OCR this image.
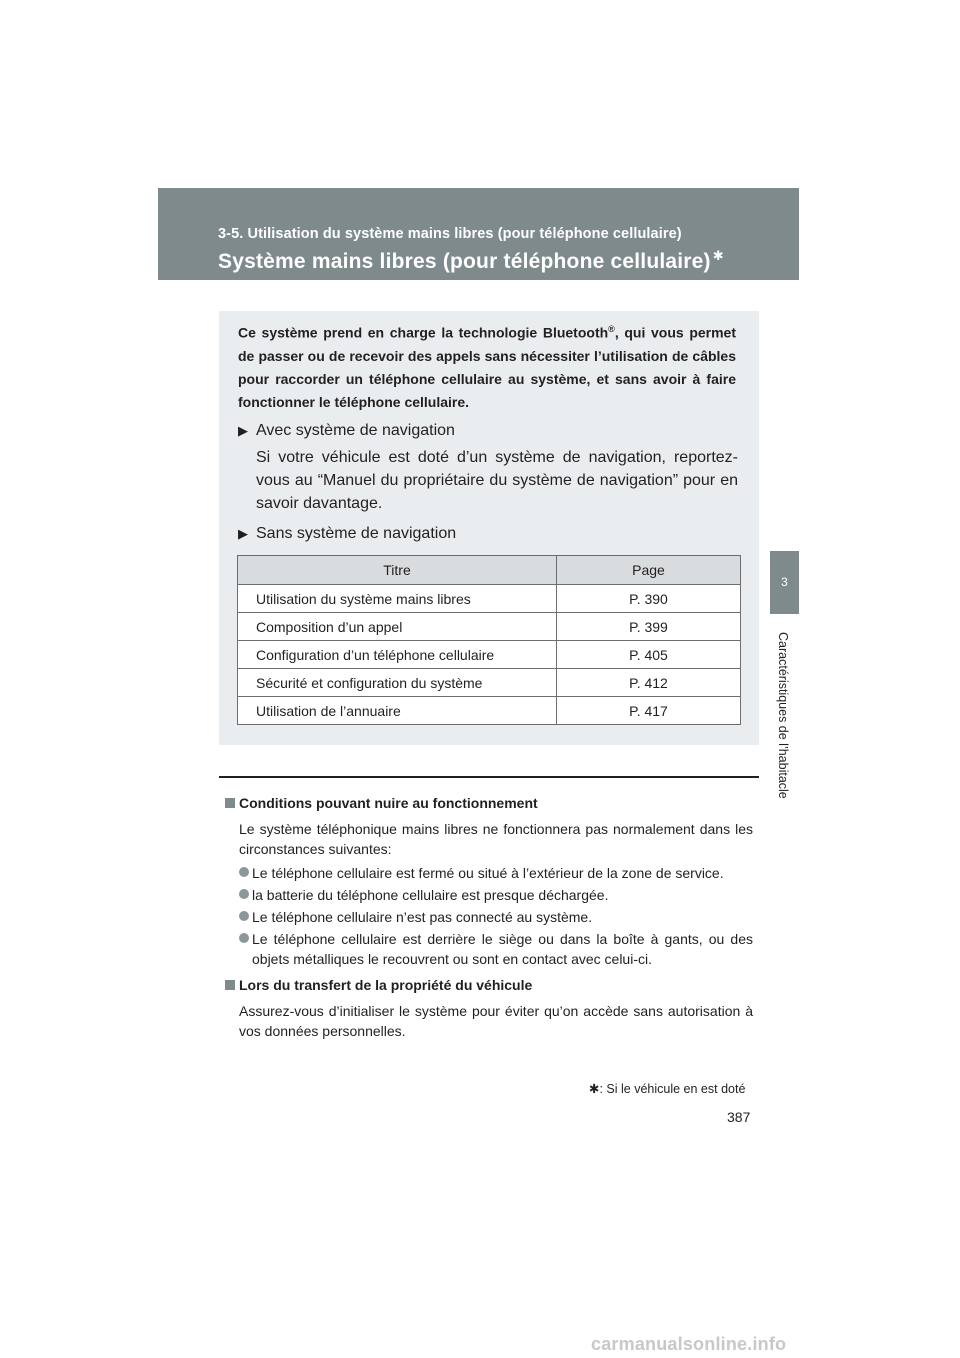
3-5. Utilisation du système mains libres (pour téléphone cellulaire)
Système mains libres (pour téléphone cellulaire) ✱
3
Caractéristiques de l’habitacle
Ce système prend en charge la technologie Bluetooth®, qui vous permet de passer ou de recevoir des appels sans nécessiter l’utilisation de câbles pour raccorder un téléphone cellulaire au système, et sans avoir à faire fonctionner le téléphone cellulaire.
▶ Avec système de navigation
Si votre véhicule est doté d’un système de navigation, reportez-vous au “Manuel du propriétaire du système de navigation” pour en savoir davantage.
▶ Sans système de navigation
Titre	Page
Utilisation du système mains libres	P. 390
Composition d’un appel	P. 399
Configuration d’un téléphone cellulaire	P. 405
Sécurité et configuration du système	P. 412
Utilisation de l’annuaire	P. 417

Conditions pouvant nuire au fonctionnement

Le système téléphonique mains libres ne fonctionnera pas normalement dans les circonstances suivantes:

Le téléphone cellulaire est fermé ou situé à l’extérieur de la zone de service.
la batterie du téléphone cellulaire est presque déchargée.
Le téléphone cellulaire n’est pas connecté au système.
Le téléphone cellulaire est derrière le siège ou dans la boîte à gants, ou des objets métalliques le recouvrent ou sont en contact avec celui-ci.

Lors du transfert de la propriété du véhicule

Assurez-vous d’initialiser le système pour éviter qu’on accède sans autorisation à vos données personnelles.

✱: Si le véhicule en est doté
387
carmanualsonline.info
